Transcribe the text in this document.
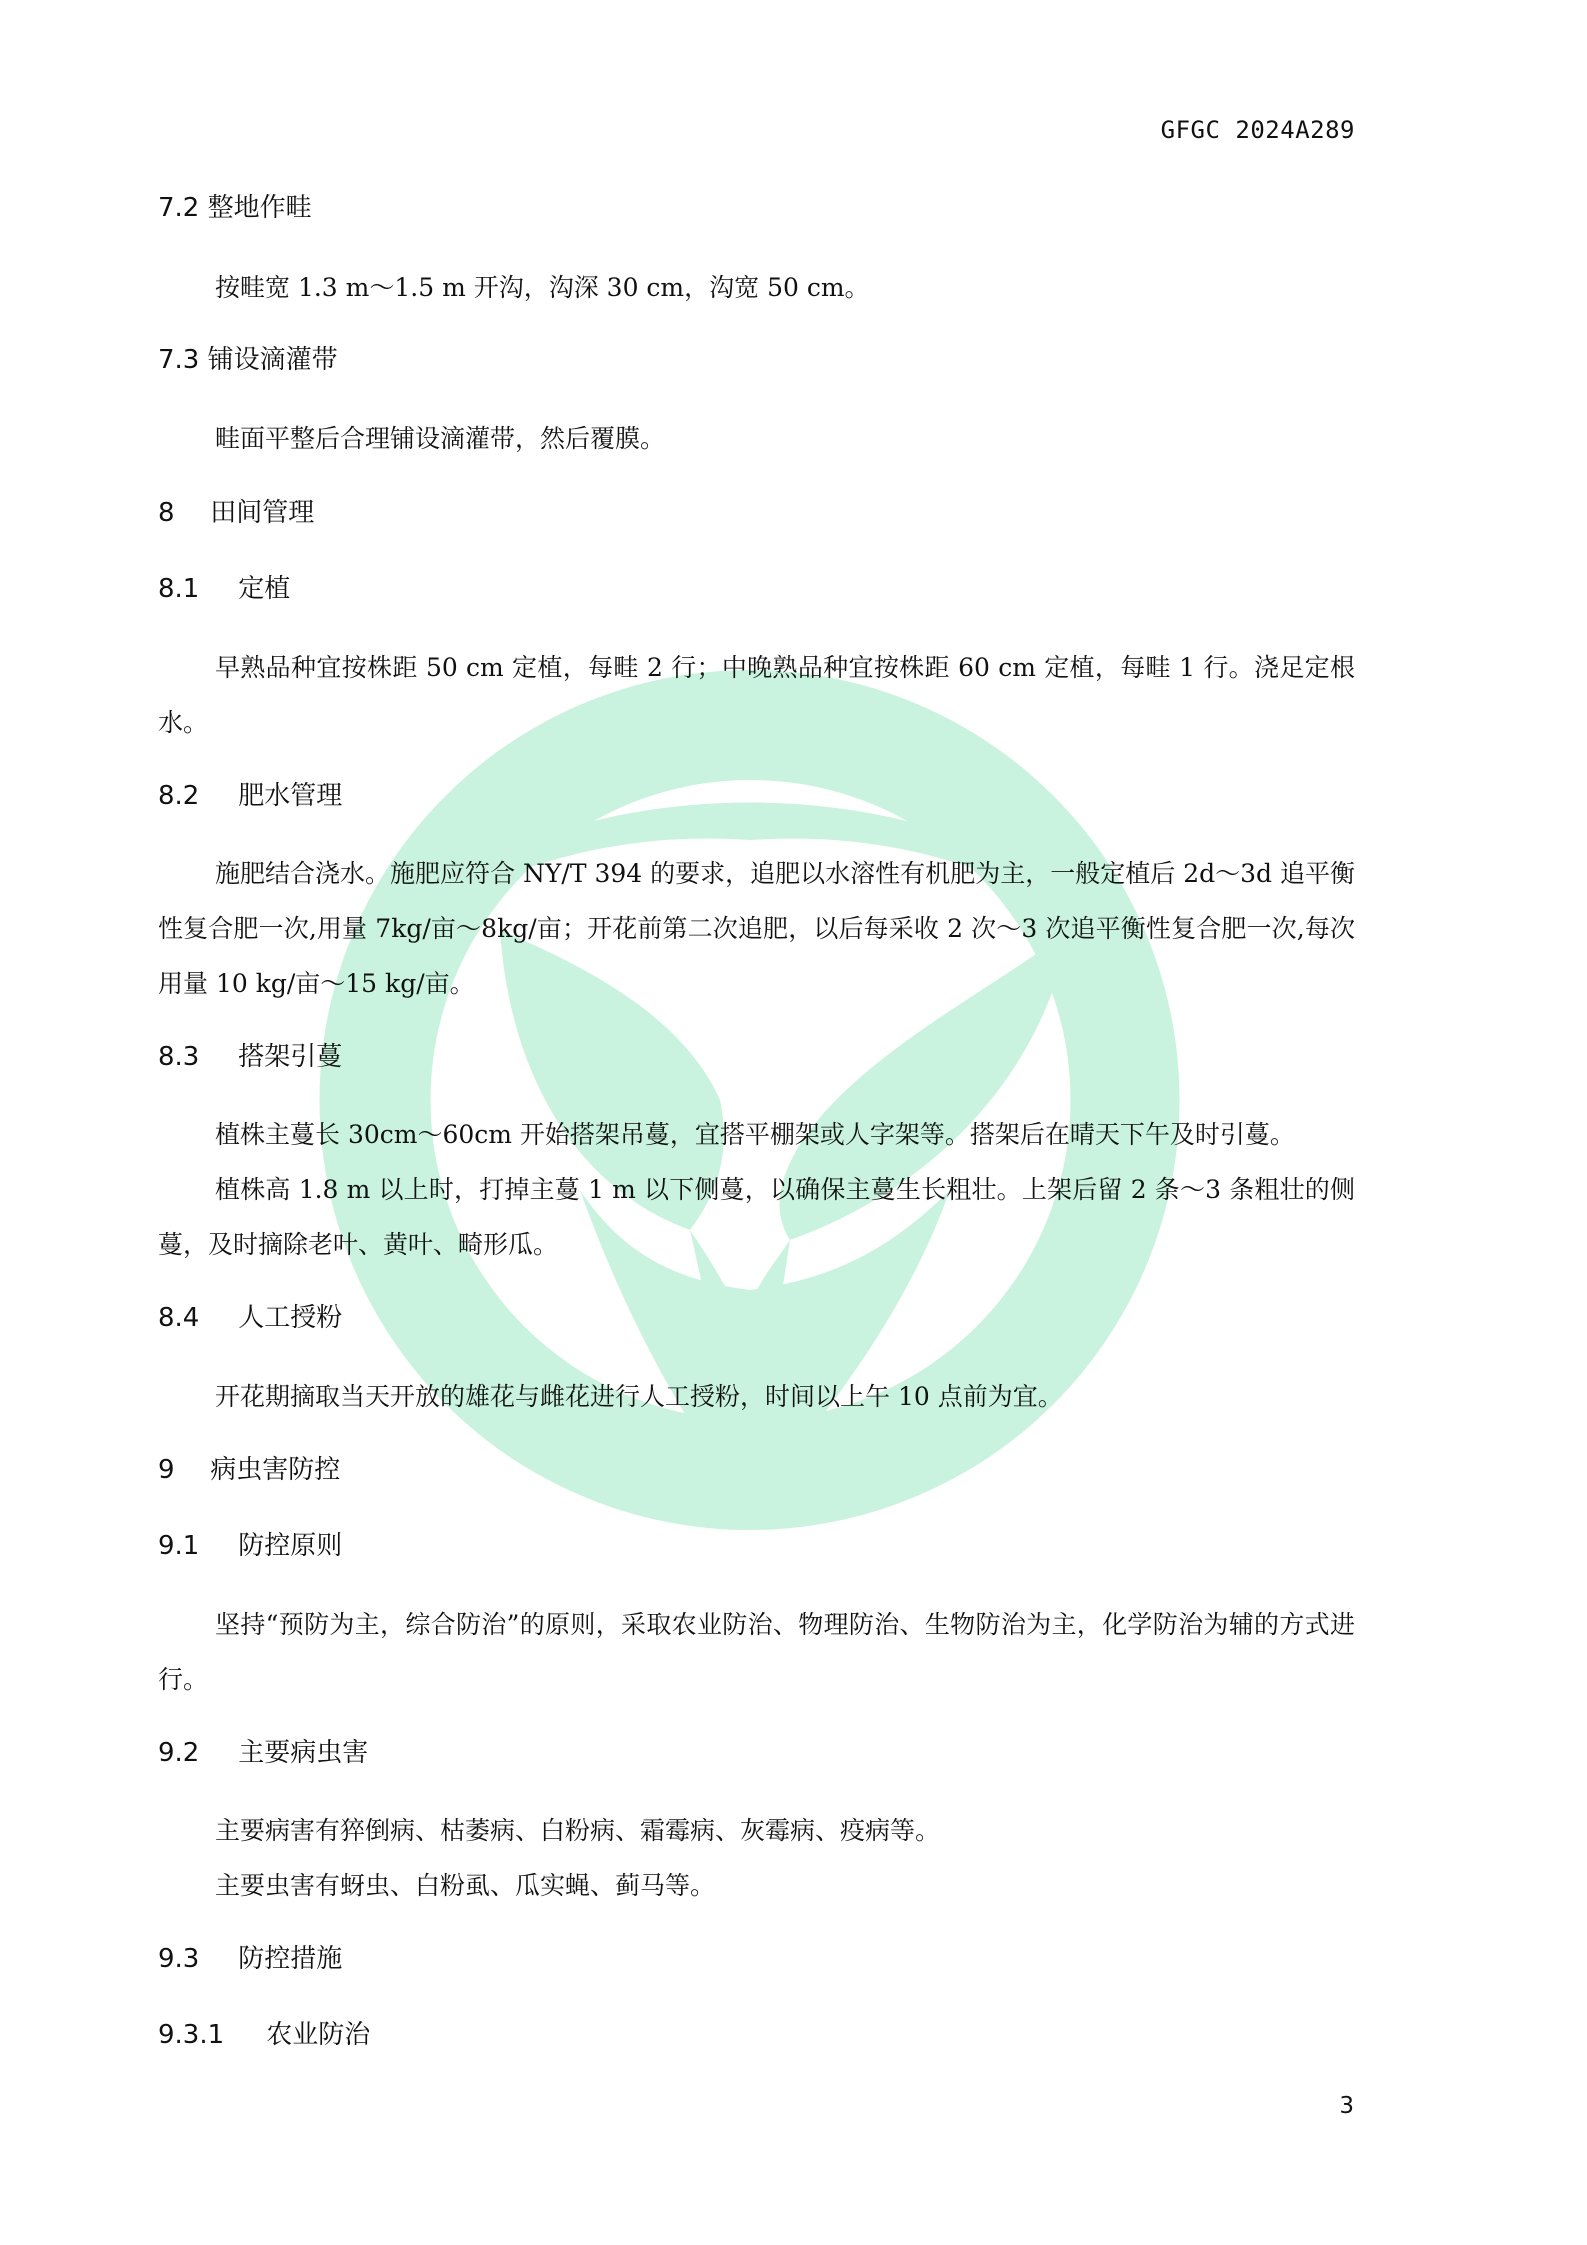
GFGC 2024A289
7.2 整地作畦
按畦宽 1.3 m～1.5 m 开沟，沟深 30 cm，沟宽 50 cm。
7.3 铺设滴灌带
畦面平整后合理铺设滴灌带，然后覆膜。
8 田间管理
8.1 定植
早熟品种宜按株距 50 cm 定植，每畦 2 行；中晚熟品种宜按株距 60 cm 定植，每畦 1 行。浇足定根水。
8.2 肥水管理
施肥结合浇水。施肥应符合 NY/T 394 的要求，追肥以水溶性有机肥为主，一般定植后 2d～3d 追平衡性复合肥一次,用量 7kg/亩～8kg/亩；开花前第二次追肥，以后每采收 2 次～3 次追平衡性复合肥一次,每次用量 10 kg/亩～15 kg/亩。
8.3 搭架引蔓
植株主蔓长 30cm～60cm 开始搭架吊蔓，宜搭平棚架或人字架等。搭架后在晴天下午及时引蔓。
植株高 1.8 m 以上时，打掉主蔓 1 m 以下侧蔓，以确保主蔓生长粗壮。上架后留 2 条～3 条粗壮的侧蔓，及时摘除老叶、黄叶、畸形瓜。
8.4 人工授粉
开花期摘取当天开放的雄花与雌花进行人工授粉，时间以上午 10 点前为宜。
9 病虫害防控
9.1 防控原则
坚持“预防为主，综合防治”的原则，采取农业防治、物理防治、生物防治为主，化学防治为辅的方式进行。
9.2 主要病虫害
主要病害有猝倒病、枯萎病、白粉病、霜霉病、灰霉病、疫病等。
主要虫害有蚜虫、白粉虱、瓜实蝇、蓟马等。
9.3 防控措施
9.3.1 农业防治
3
